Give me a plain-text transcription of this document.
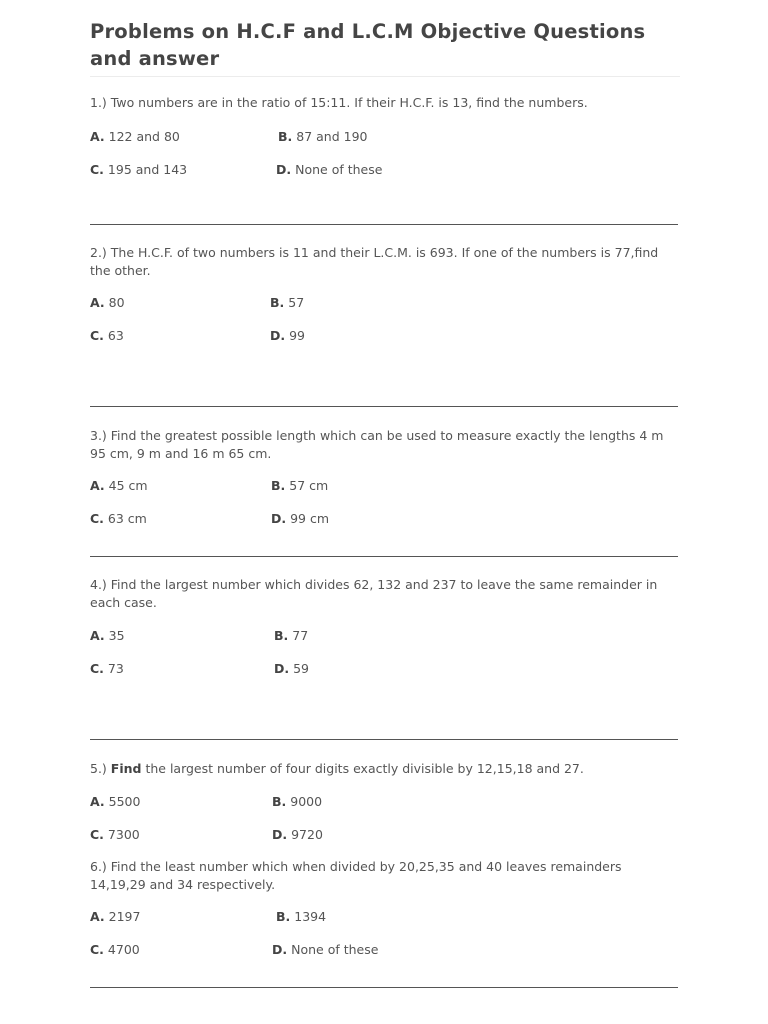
Problems on H.C.F and L.C.M Objective Questions and answer
1.) Two numbers are in the ratio of 15:11. If their H.C.F. is 13, find the numbers.
A. 122 and 80	B. 87 and 190
C. 195 and 143	D. None of these
2.) The H.C.F. of two numbers is 11 and their L.C.M. is 693. If one of the numbers is 77,find the other.
A. 80	B. 57
C. 63	D. 99
3.) Find the greatest possible length which can be used to measure exactly the lengths 4 m 95 cm, 9 m and 16 m 65 cm.
A. 45 cm	B. 57 cm
C. 63 cm	D. 99 cm
4.) Find the largest number which divides 62, 132 and 237 to leave the same remainder in each case.
A. 35	B. 77
C. 73	D. 59
5.) Find the largest number of four digits exactly divisible by 12,15,18 and 27.
A. 5500	B. 9000
C. 7300	D. 9720
6.) Find the least number which when divided by 20,25,35 and 40 leaves remainders 14,19,29 and 34 respectively.
A. 2197	B. 1394
C. 4700	D. None of these
